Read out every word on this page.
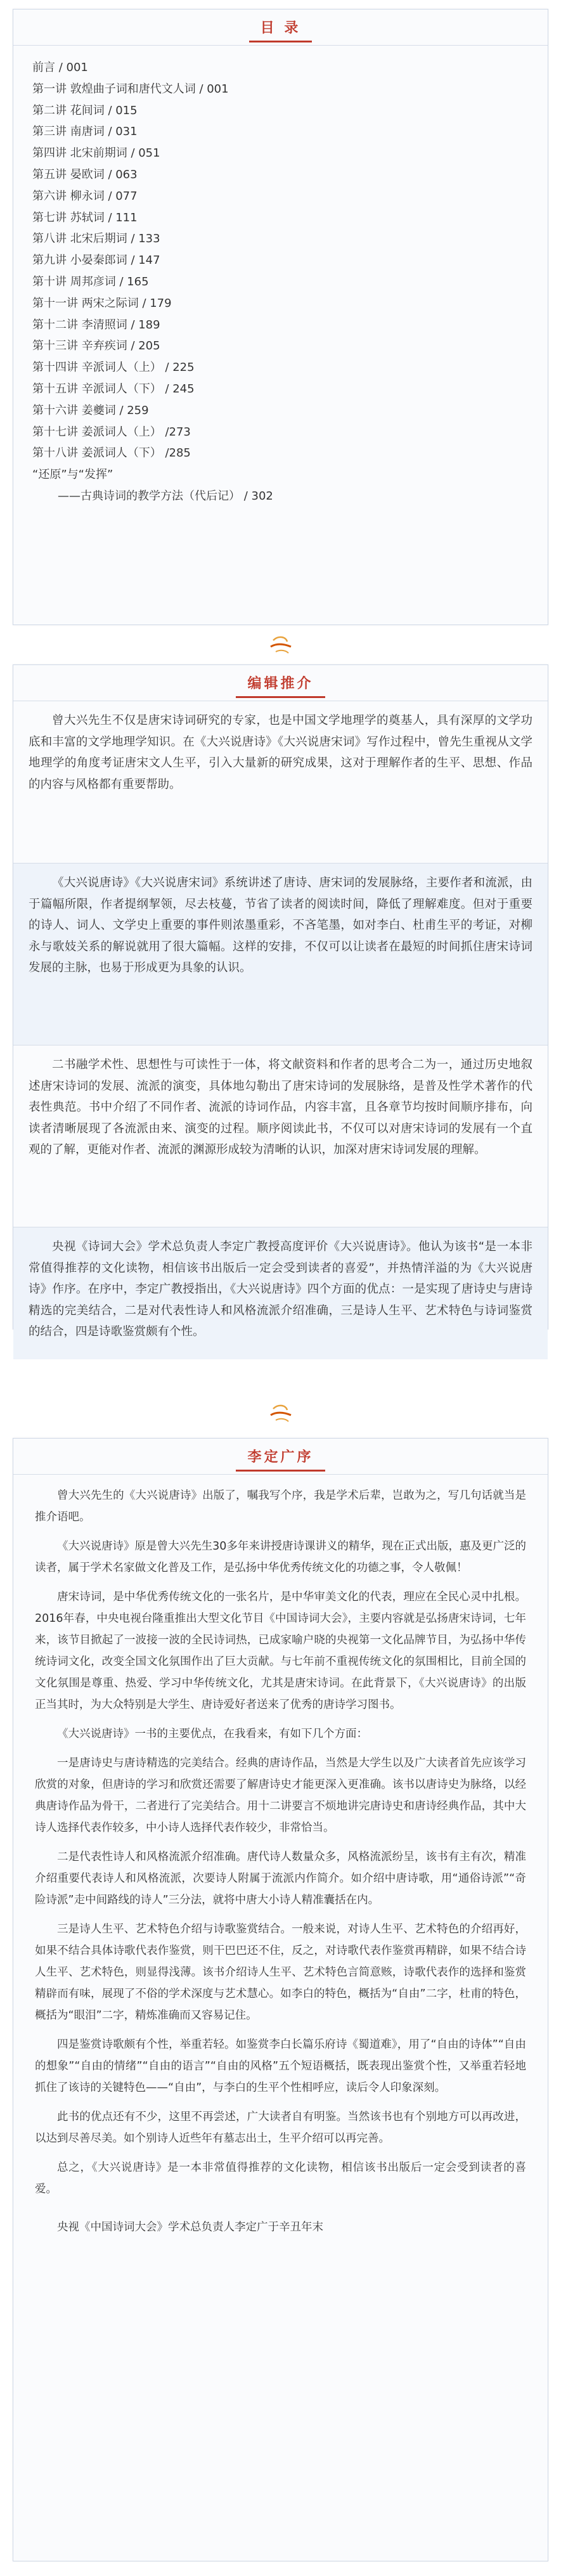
目 录
前言 / 001
第一讲 敦煌曲子词和唐代文人词 / 001
第二讲 花间词 / 015
第三讲 南唐词 / 031
第四讲 北宋前期词 / 051
第五讲 晏欧词 / 063
第六讲 柳永词 / 077
第七讲 苏轼词 / 111
第八讲 北宋后期词 / 133
第九讲 小晏秦郎词 / 147
第十讲 周邦彦词 / 165
第十一讲 两宋之际词 / 179
第十二讲 李清照词 / 189
第十三讲 辛弃疾词 / 205
第十四讲 辛派词人（上） / 225
第十五讲 辛派词人（下） / 245
第十六讲 姜夔词 / 259
第十七讲 姜派词人（上） /273
第十八讲 姜派词人（下） /285
“还原”与“发挥”
——古典诗词的教学方法（代后记） / 302
编辑推介

曾大兴先生不仅是唐宋诗词研究的专家，也是中国文学地理学的奠基人，具有深厚的文学功底和丰富的文学地理学知识。在《大兴说唐诗》《大兴说唐宋词》写作过程中，曾先生重视从文学地理学的角度考证唐宋文人生平，引入大量新的研究成果，这对于理解作者的生平、思想、作品的内容与风格都有重要帮助。

《大兴说唐诗》《大兴说唐宋词》系统讲述了唐诗、唐宋词的发展脉络，主要作者和流派，由于篇幅所限，作者提纲挈领，尽去枝蔓，节省了读者的阅读时间，降低了理解难度。但对于重要的诗人、词人、文学史上重要的事件则浓墨重彩，不吝笔墨，如对李白、杜甫生平的考证，对柳永与歌妓关系的解说就用了很大篇幅。这样的安排，不仅可以让读者在最短的时间抓住唐宋诗词发展的主脉，也易于形成更为具象的认识。

二书融学术性、思想性与可读性于一体，将文献资料和作者的思考合二为一，通过历史地叙述唐宋诗词的发展、流派的演变，具体地勾勒出了唐宋诗词的发展脉络，是普及性学术著作的代表性典范。书中介绍了不同作者、流派的诗词作品，内容丰富，且各章节均按时间顺序排布，向读者清晰展现了各流派由来、演变的过程。顺序阅读此书，不仅可以对唐宋诗词的发展有一个直观的了解，更能对作者、流派的渊源形成较为清晰的认识，加深对唐宋诗词发展的理解。

央视《诗词大会》学术总负责人李定广教授高度评价《大兴说唐诗》。他认为该书“是一本非常值得推荐的文化读物，相信该书出版后一定会受到读者的喜爱”，并热情洋溢的为《大兴说唐诗》作序。在序中，李定广教授指出，《大兴说唐诗》四个方面的优点：一是实现了唐诗史与唐诗精选的完美结合，二是对代表性诗人和风格流派介绍准确，三是诗人生平、艺术特色与诗词鉴赏的结合，四是诗歌鉴赏颇有个性。

李定广序

曾大兴先生的《大兴说唐诗》出版了，嘱我写个序，我是学术后辈，岂敢为之，写几句话就当是推介语吧。

《大兴说唐诗》原是曾大兴先生30多年来讲授唐诗课讲义的精华，现在正式出版，惠及更广泛的读者，属于学术名家做文化普及工作，是弘扬中华优秀传统文化的功德之事，令人敬佩！

唐宋诗词，是中华优秀传统文化的一张名片，是中华审美文化的代表，理应在全民心灵中扎根。2016年春，中央电视台隆重推出大型文化节目《中国诗词大会》，主要内容就是弘扬唐宋诗词，七年来，该节目掀起了一波接一波的全民诗词热，已成家喻户晓的央视第一文化品牌节目，为弘扬中华传统诗词文化，改变全国文化氛围作出了巨大贡献。与七年前不重视传统文化的氛围相比，目前全国的文化氛围是尊重、热爱、学习中华传统文化，尤其是唐宋诗词。在此背景下，《大兴说唐诗》的出版正当其时，为大众特别是大学生、唐诗爱好者送来了优秀的唐诗学习图书。

《大兴说唐诗》一书的主要优点，在我看来，有如下几个方面：

一是唐诗史与唐诗精选的完美结合。经典的唐诗作品，当然是大学生以及广大读者首先应该学习欣赏的对象，但唐诗的学习和欣赏还需要了解唐诗史才能更深入更准确。该书以唐诗史为脉络，以经典唐诗作品为骨干，二者进行了完美结合。用十二讲要言不烦地讲完唐诗史和唐诗经典作品，其中大诗人选择代表作较多，中小诗人选择代表作较少，非常恰当。

二是代表性诗人和风格流派介绍准确。唐代诗人数量众多，风格流派纷呈，该书有主有次，精准介绍重要代表诗人和风格流派，次要诗人附属于流派内作简介。如介绍中唐诗歌，用“通俗诗派”“奇险诗派”走中间路线的诗人”三分法，就将中唐大小诗人精准囊括在内。

三是诗人生平、艺术特色介绍与诗歌鉴赏结合。一般来说，对诗人生平、艺术特色的介绍再好，如果不结合具体诗歌代表作鉴赏，则干巴巴还不住，反之，对诗歌代表作鉴赏再精辟，如果不结合诗人生平、艺术特色，则显得浅薄。该书介绍诗人生平、艺术特色言简意赅，诗歌代表作的选择和鉴赏精辟而有味，展现了不俗的学术深度与艺术慧心。如李白的特色，概括为“自由”二字，杜甫的特色，概括为“眼泪”二字，精炼准确而又容易记住。

四是鉴赏诗歌颇有个性，举重若轻。如鉴赏李白长篇乐府诗《蜀道难》，用了“自由的诗体”“自由的想象”“自由的情绪”“自由的语言”“自由的风格”五个短语概括，既表现出鉴赏个性，又举重若轻地抓住了该诗的关键特色——“自由”，与李白的生平个性相呼应，读后令人印象深刻。

此书的优点还有不少，这里不再尝述，广大读者自有明鉴。当然该书也有个别地方可以再改进，以达到尽善尽美。如个别诗人近些年有墓志出土，生平介绍可以再完善。

总之，《大兴说唐诗》是一本非常值得推荐的文化读物，相信该书出版后一定会受到读者的喜爱。

央视《中国诗词大会》学术总负责人李定广于辛丑年末
